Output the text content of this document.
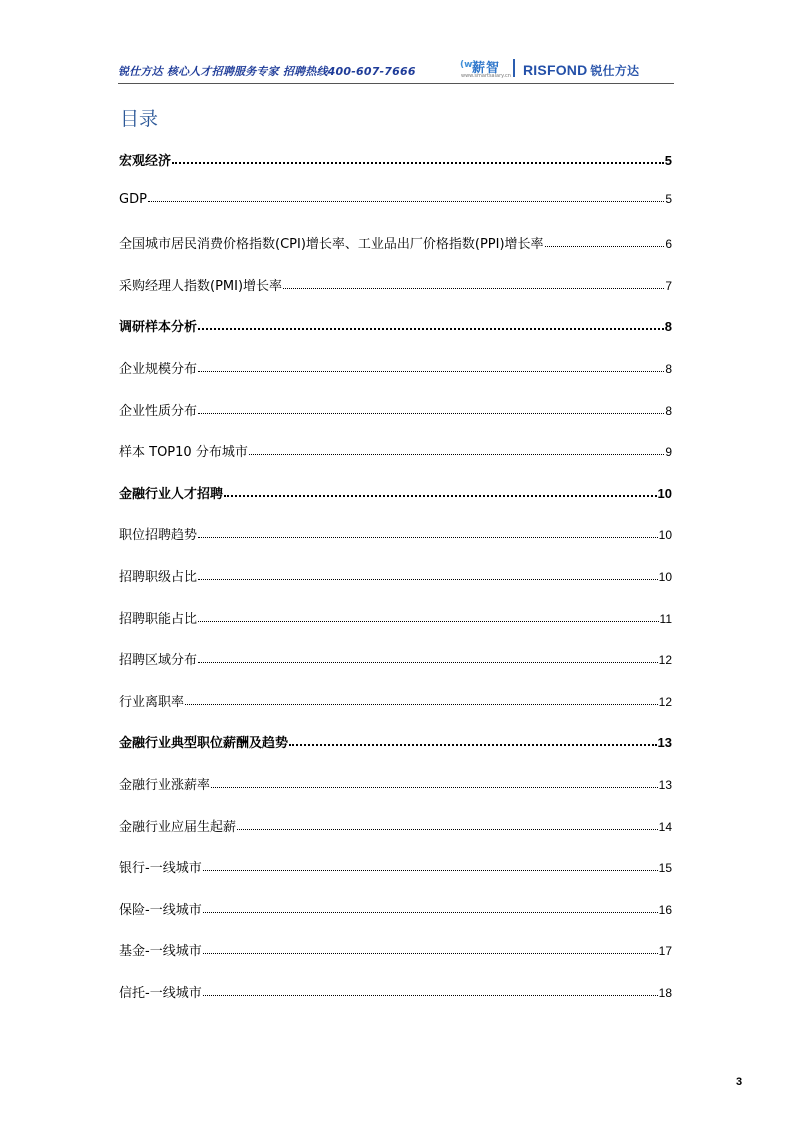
锐仕方达 核心人才招聘服务专家 招聘热线400-607-7666	(w)
薪智
www.smartsalary.cn RISFOND 锐仕方达
目录
宏观经济	5
GDP	5
全国城市居民消费价格指数(CPI)增长率、工业品出厂价格指数(PPI)增长率	6
采购经理人指数(PMI)增长率	7
调研样本分析	8
企业规模分布	8
企业性质分布	8
样本 TOP10 分布城市	9
金融行业人才招聘	10
职位招聘趋势	10
招聘职级占比	10
招聘职能占比	11
招聘区域分布	12
行业离职率	12
金融行业典型职位薪酬及趋势	13
金融行业涨薪率	13
金融行业应届生起薪	14
银行-一线城市	15
保险-一线城市	16
基金-一线城市	17
信托-一线城市	18
3
